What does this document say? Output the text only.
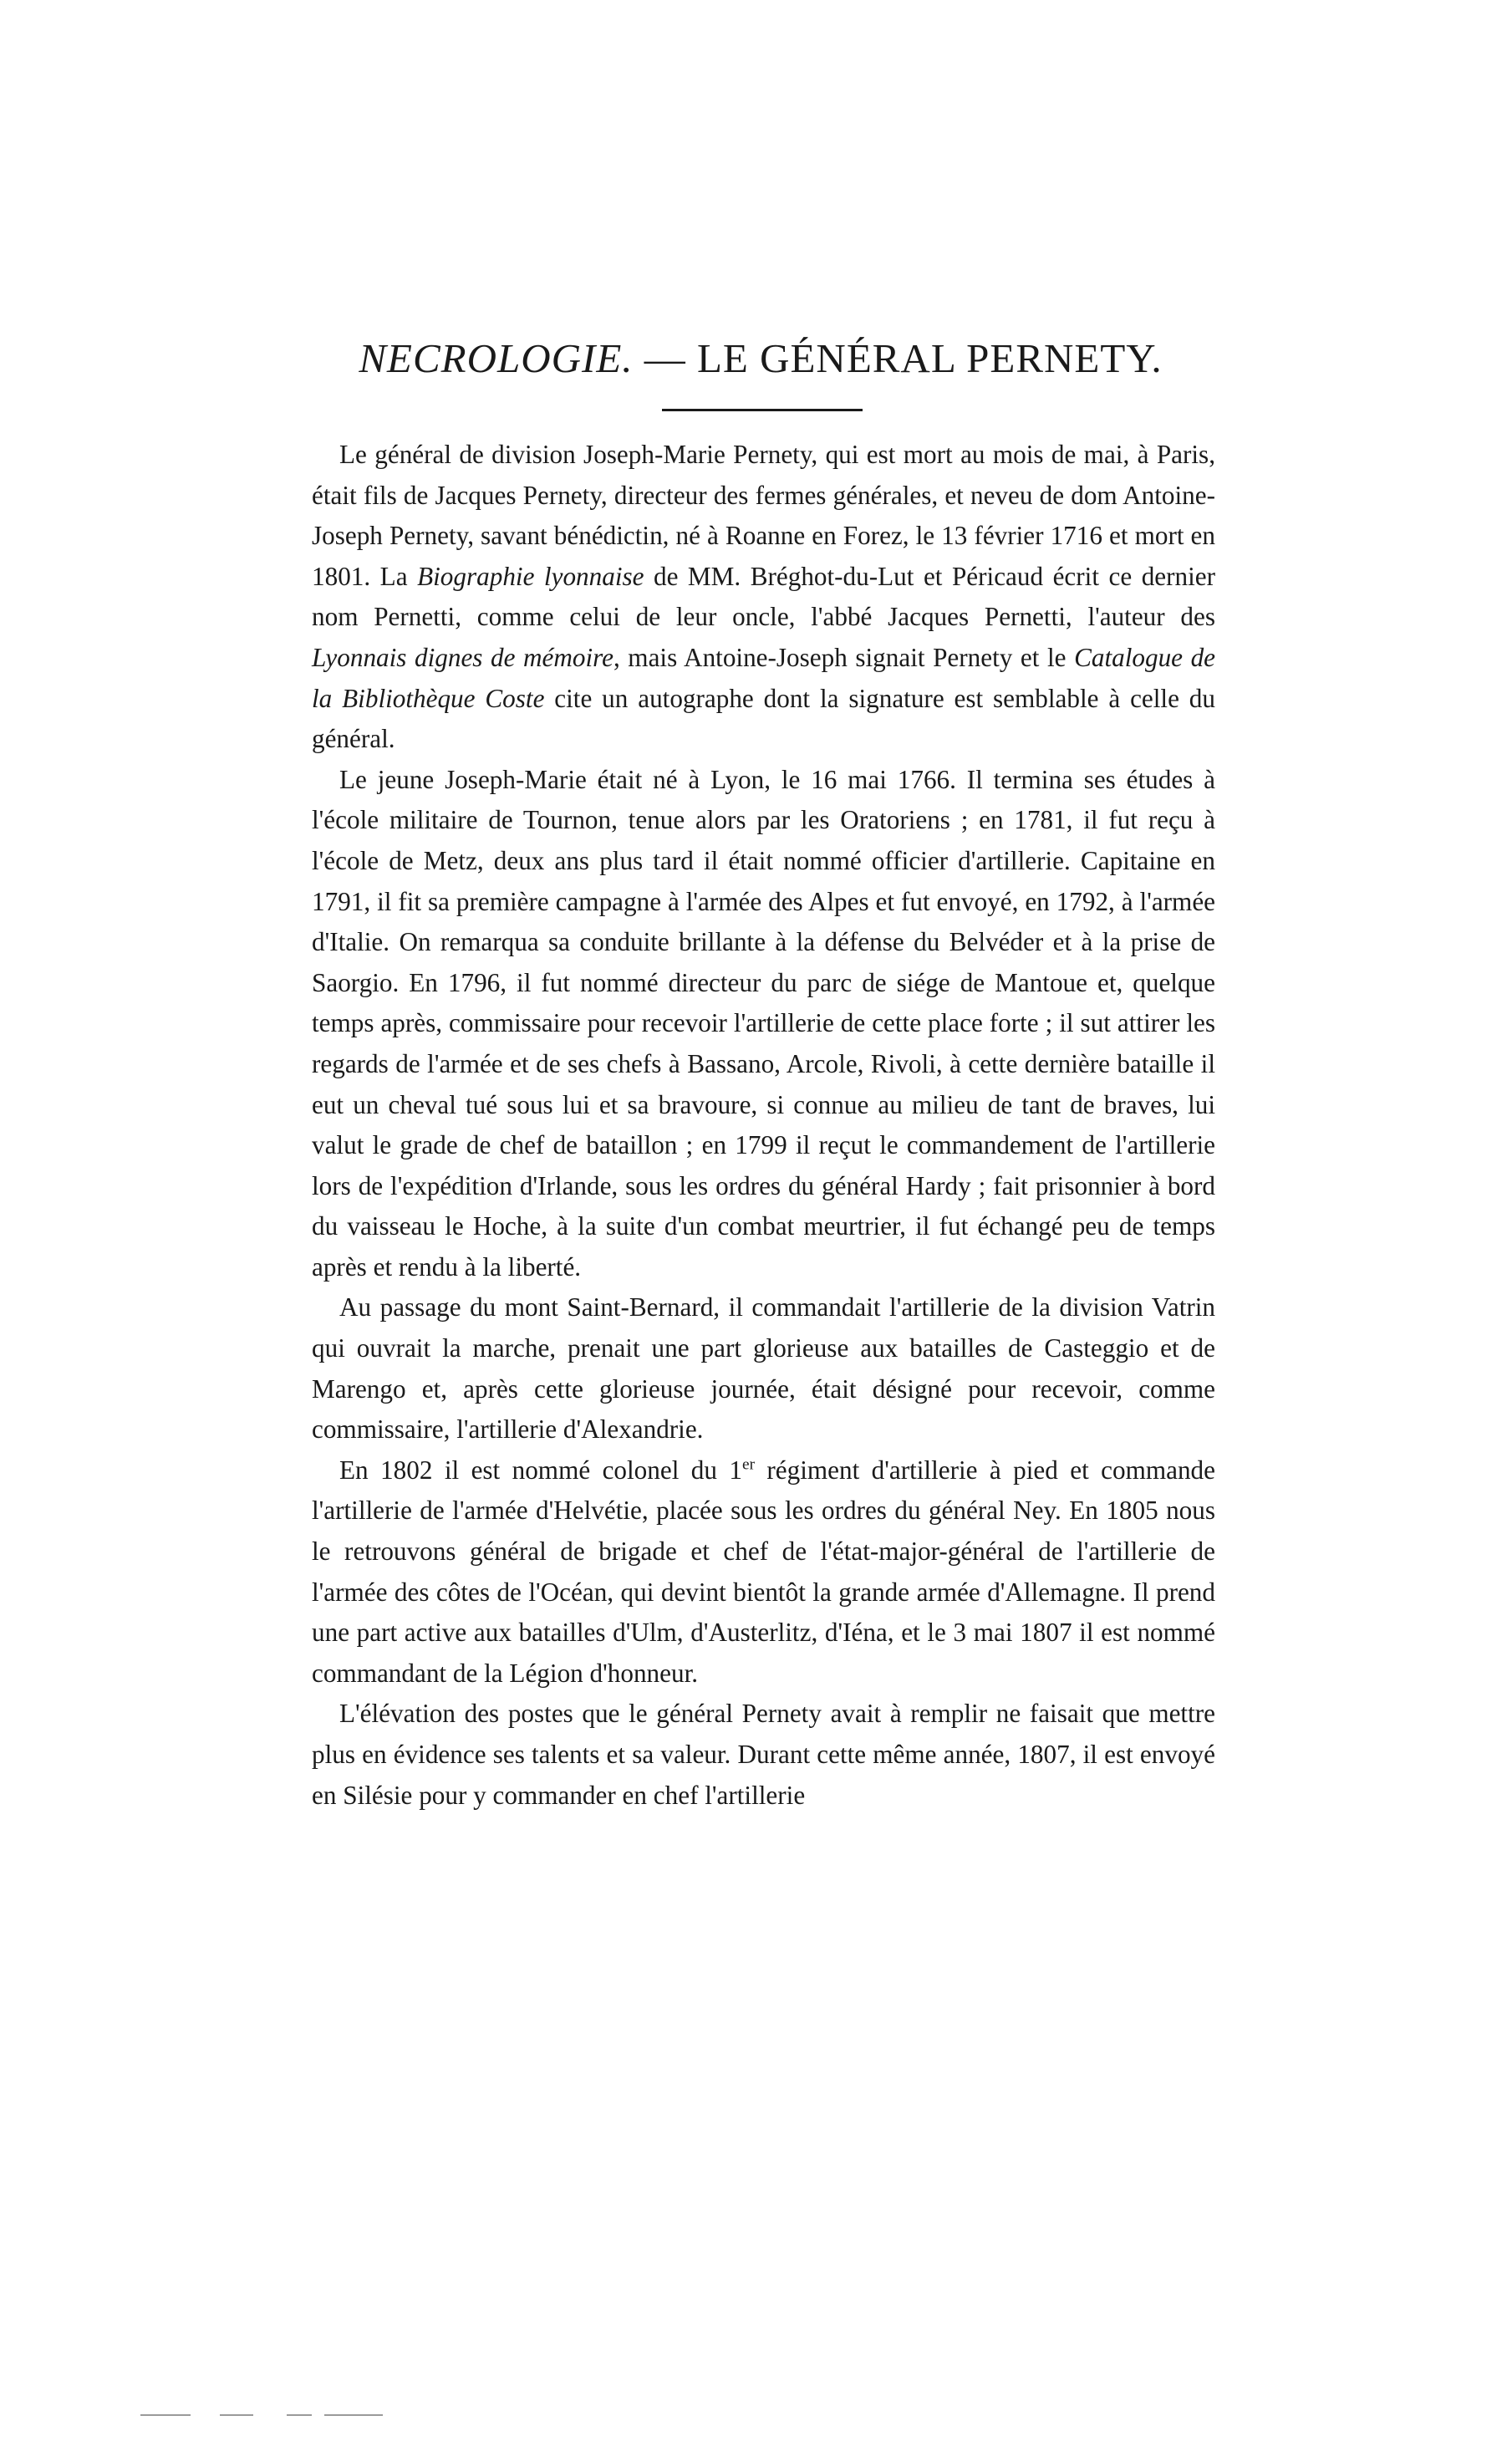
NECROLOGIE. — LE GÉNÉRAL PERNETY.

Le général de division Joseph-Marie Pernety, qui est mort au mois de mai, à Paris, était fils de Jacques Pernety, directeur des fermes générales, et neveu de dom Antoine-Joseph Pernety, savant bénédictin, né à Roanne en Forez, le 13 février 1716 et mort en 1801. La Biographie lyonnaise de MM. Bréghot-du-Lut et Péricaud écrit ce dernier nom Pernetti, comme celui de leur oncle, l'abbé Jacques Pernetti, l'auteur des Lyonnais dignes de mémoire, mais Antoine-Joseph signait Pernety et le Catalogue de la Bibliothèque Coste cite un autographe dont la signature est semblable à celle du général.

Le jeune Joseph-Marie était né à Lyon, le 16 mai 1766. Il termina ses études à l'école militaire de Tournon, tenue alors par les Oratoriens ; en 1781, il fut reçu à l'école de Metz, deux ans plus tard il était nommé officier d'artillerie. Capitaine en 1791, il fit sa première campagne à l'armée des Alpes et fut envoyé, en 1792, à l'armée d'Italie. On remarqua sa conduite brillante à la défense du Belvéder et à la prise de Saorgio. En 1796, il fut nommé directeur du parc de siége de Mantoue et, quelque temps après, commissaire pour recevoir l'artillerie de cette place forte ; il sut attirer les regards de l'armée et de ses chefs à Bassano, Arcole, Rivoli, à cette dernière bataille il eut un cheval tué sous lui et sa bravoure, si connue au milieu de tant de braves, lui valut le grade de chef de bataillon ; en 1799 il reçut le commandement de l'artillerie lors de l'expédition d'Irlande, sous les ordres du général Hardy ; fait prisonnier à bord du vaisseau le Hoche, à la suite d'un combat meurtrier, il fut échangé peu de temps après et rendu à la liberté.

Au passage du mont Saint-Bernard, il commandait l'artillerie de la division Vatrin qui ouvrait la marche, prenait une part glorieuse aux batailles de Casteggio et de Marengo et, après cette glorieuse journée, était désigné pour recevoir, comme commissaire, l'artillerie d'Alexandrie.

En 1802 il est nommé colonel du 1er régiment d'artillerie à pied et commande l'artillerie de l'armée d'Helvétie, placée sous les ordres du général Ney. En 1805 nous le retrouvons général de brigade et chef de l'état-major-général de l'artillerie de l'armée des côtes de l'Océan, qui devint bientôt la grande armée d'Allemagne. Il prend une part active aux batailles d'Ulm, d'Austerlitz, d'Iéna, et le 3 mai 1807 il est nommé commandant de la Légion d'honneur.

L'élévation des postes que le général Pernety avait à remplir ne faisait que mettre plus en évidence ses talents et sa valeur. Durant cette même année, 1807, il est envoyé en Silésie pour y commander en chef l'artillerie
